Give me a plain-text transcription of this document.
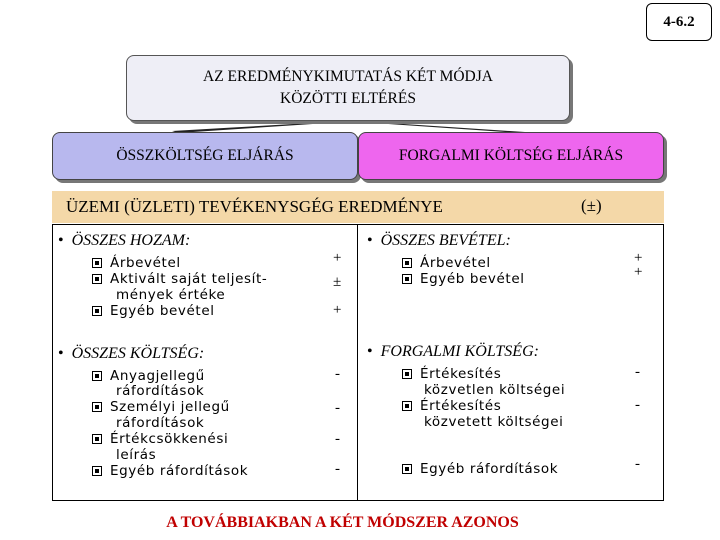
4-6.2
AZ EREDMÉNYKIMUTATÁS KÉT MÓDJA
KÖZÖTTI ELTÉRÉS
ÖSSZKÖLTSÉG ELJÁRÁS	FORGALMI KÖLTSÉG ELJÁRÁS
ÜZEMI (ÜZLETI) TEVÉKENYSGÉG EREDMÉNYE	(±)
• ÖSSZES HOZAM:
Árbevétel
Aktivált saját teljesít-
mények értéke
Egyéb bevétel
+
±
+
• ÖSSZES KÖLTSÉG:
Anyagjellegű
ráfordítások
Személyi jellegű
ráfordítások
Értékcsökkenési
leírás
Egyéb ráfordítások
-
-
-
-
• ÖSSZES BEVÉTEL:
Árbevétel
Egyéb bevétel
+
+
• FORGALMI KÖLTSÉG:
Értékesítés
közvetlen költségei
Értékesítés
közvetett költségei
Egyéb ráfordítások
-
-
-
A TOVÁBBIAKBAN A KÉT MÓDSZER AZONOS
